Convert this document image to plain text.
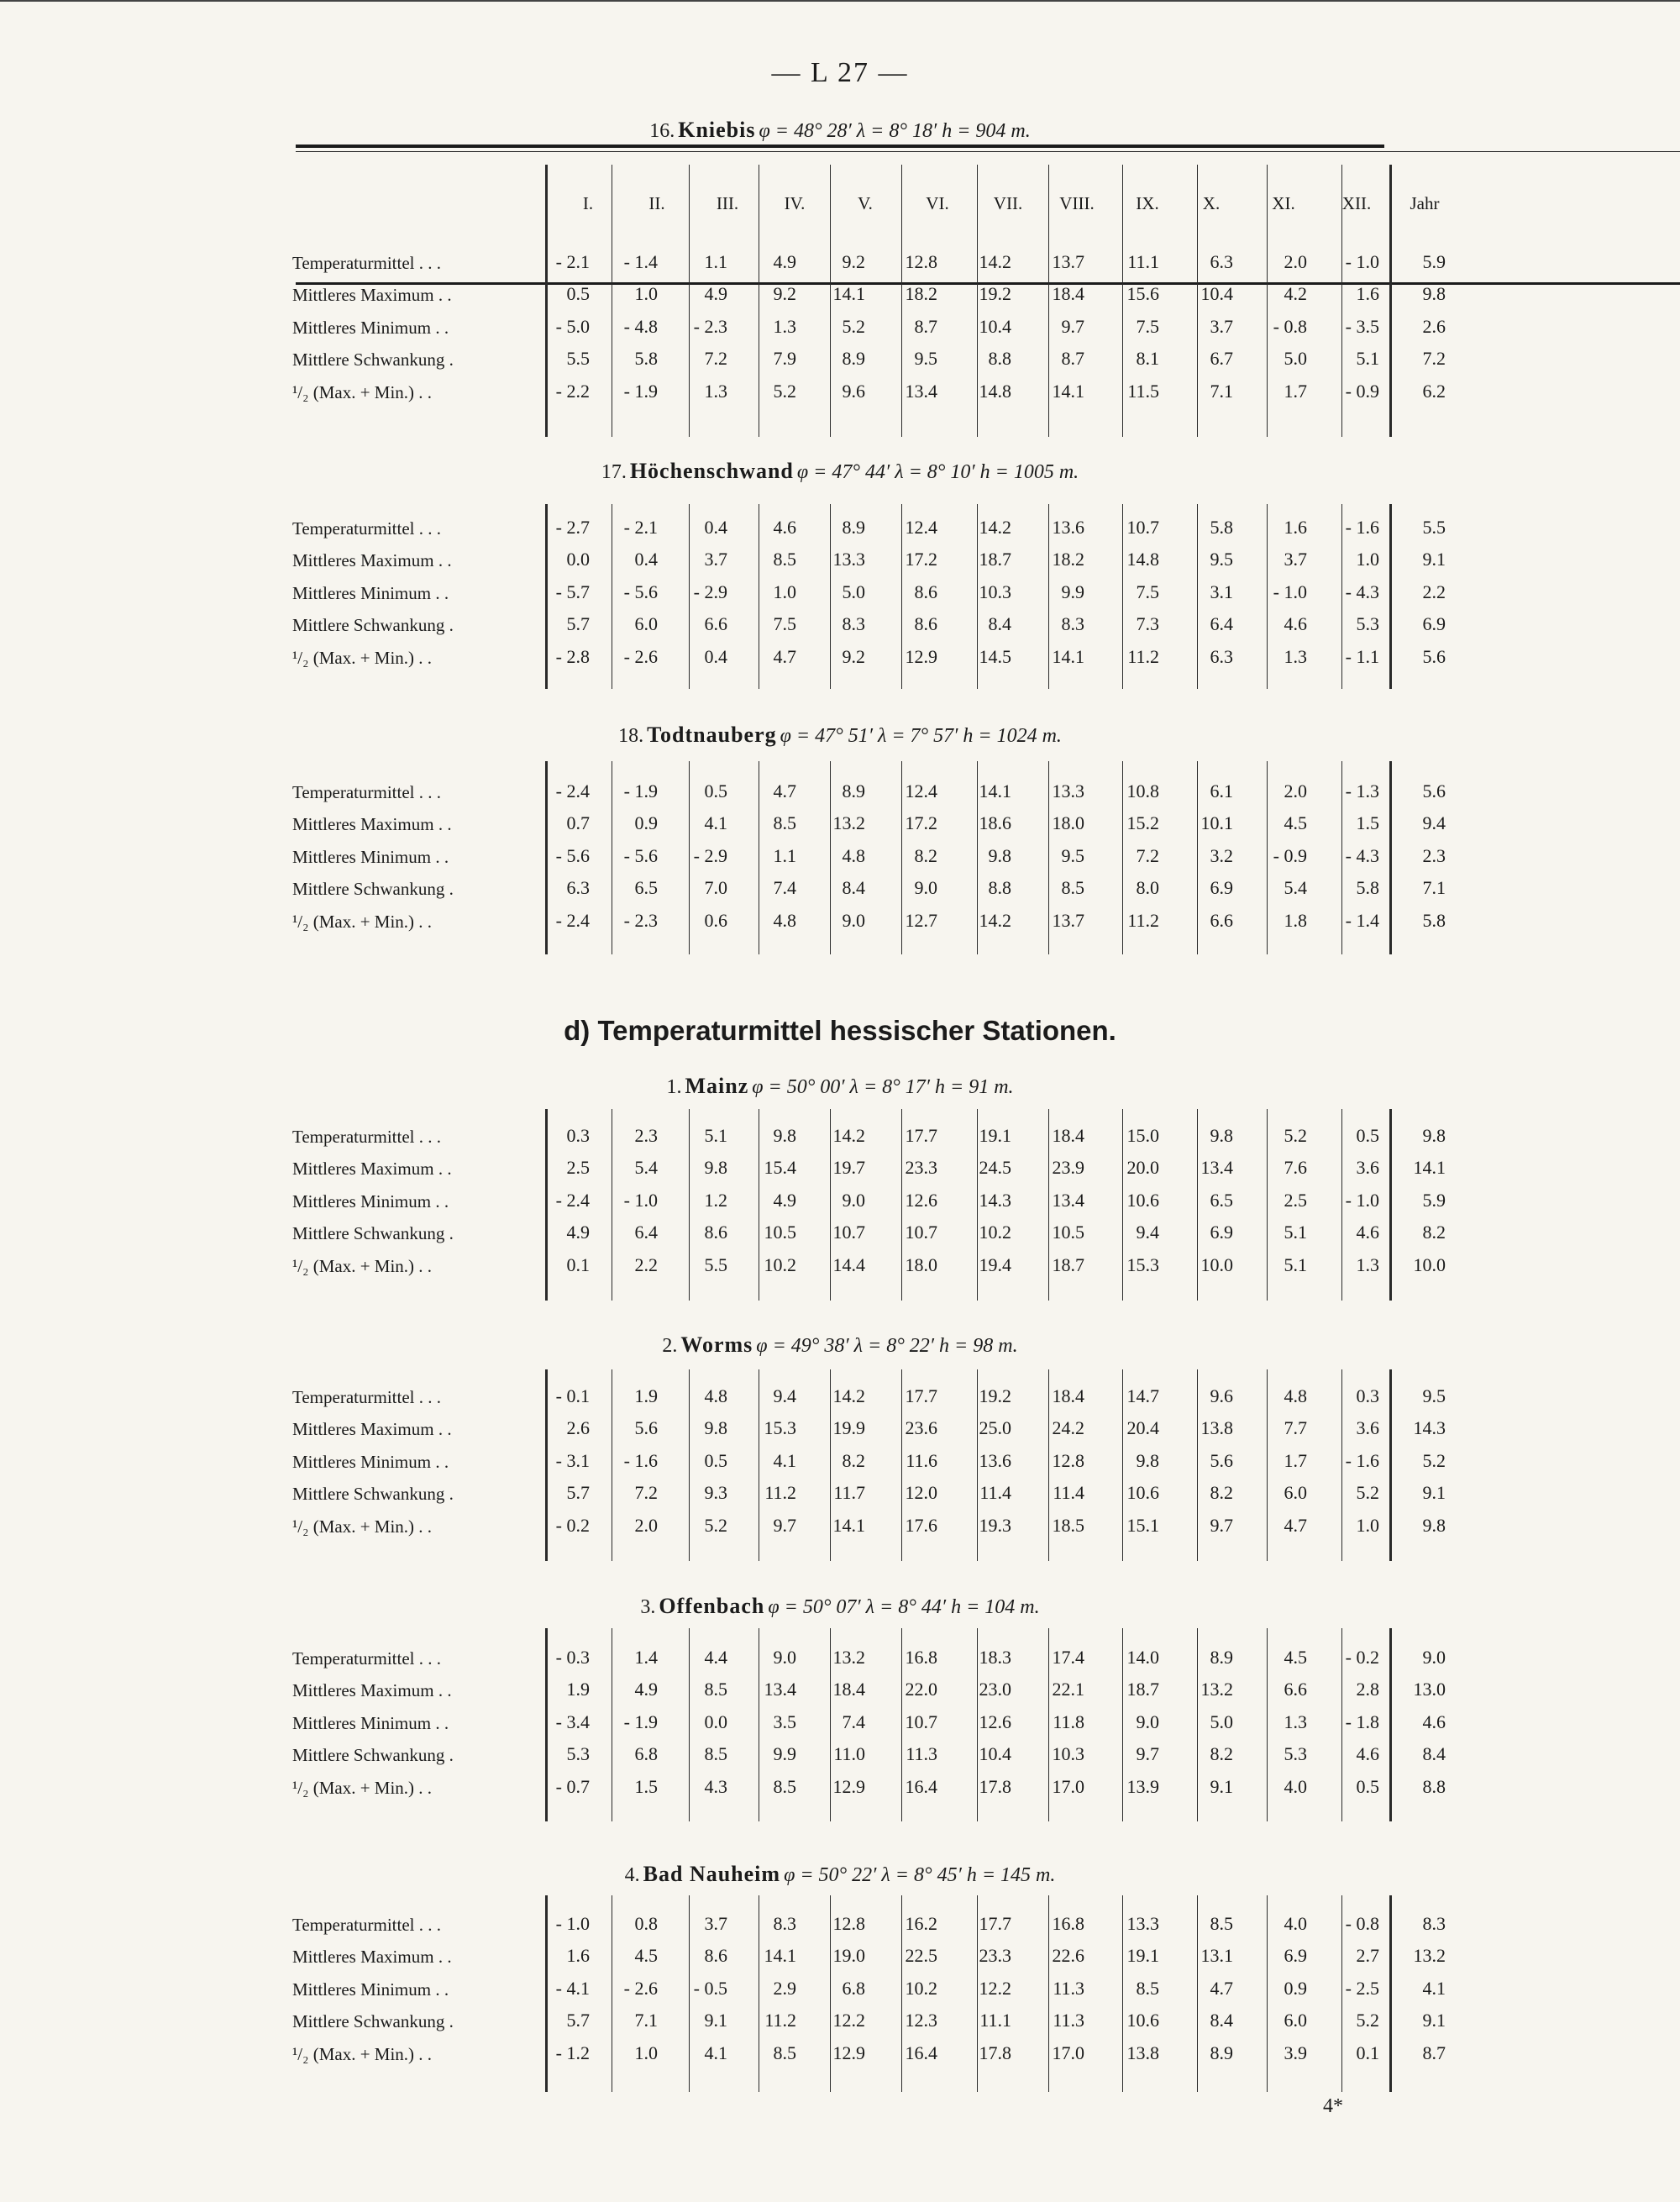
— L 27 —
d) Temperaturmittel hessischer Stationen.
4*
I.	II.	III.	IV.	V.	VI.	VII.	VIII.	IX.	X.	XI.	XII.	Jahr
16. Kniebis φ = 48° 28′ λ = 8° 18′ h = 904 m.
Temperaturmittel . . .	- 2.1	- 1.4	1.1	4.9	9.2	12.8	14.2	13.7	11.1	6.3	2.0	- 1.0	5.9
Mittleres Maximum . .	0.5	1.0	4.9	9.2	14.1	18.2	19.2	18.4	15.6	10.4	4.2	1.6	9.8
Mittleres Minimum . .	- 5.0	- 4.8	- 2.3	1.3	5.2	8.7	10.4	9.7	7.5	3.7	- 0.8	- 3.5	2.6
Mittlere Schwankung .	5.5	5.8	7.2	7.9	8.9	9.5	8.8	8.7	8.1	6.7	5.0	5.1	7.2
¹/₂ (Max. + Min.) . .	- 2.2	- 1.9	1.3	5.2	9.6	13.4	14.8	14.1	11.5	7.1	1.7	- 0.9	6.2
17. Höchenschwand φ = 47° 44′ λ = 8° 10′ h = 1005 m.
Temperaturmittel . . .	- 2.7	- 2.1	0.4	4.6	8.9	12.4	14.2	13.6	10.7	5.8	1.6	- 1.6	5.5
Mittleres Maximum . .	0.0	0.4	3.7	8.5	13.3	17.2	18.7	18.2	14.8	9.5	3.7	1.0	9.1
Mittleres Minimum . .	- 5.7	- 5.6	- 2.9	1.0	5.0	8.6	10.3	9.9	7.5	3.1	- 1.0	- 4.3	2.2
Mittlere Schwankung .	5.7	6.0	6.6	7.5	8.3	8.6	8.4	8.3	7.3	6.4	4.6	5.3	6.9
¹/₂ (Max. + Min.) . .	- 2.8	- 2.6	0.4	4.7	9.2	12.9	14.5	14.1	11.2	6.3	1.3	- 1.1	5.6
18. Todtnauberg φ = 47° 51′ λ = 7° 57′ h = 1024 m.
Temperaturmittel . . .	- 2.4	- 1.9	0.5	4.7	8.9	12.4	14.1	13.3	10.8	6.1	2.0	- 1.3	5.6
Mittleres Maximum . .	0.7	0.9	4.1	8.5	13.2	17.2	18.6	18.0	15.2	10.1	4.5	1.5	9.4
Mittleres Minimum . .	- 5.6	- 5.6	- 2.9	1.1	4.8	8.2	9.8	9.5	7.2	3.2	- 0.9	- 4.3	2.3
Mittlere Schwankung .	6.3	6.5	7.0	7.4	8.4	9.0	8.8	8.5	8.0	6.9	5.4	5.8	7.1
¹/₂ (Max. + Min.) . .	- 2.4	- 2.3	0.6	4.8	9.0	12.7	14.2	13.7	11.2	6.6	1.8	- 1.4	5.8
1. Mainz φ = 50° 00′ λ = 8° 17′ h = 91 m.
Temperaturmittel . . .	0.3	2.3	5.1	9.8	14.2	17.7	19.1	18.4	15.0	9.8	5.2	0.5	9.8
Mittleres Maximum . .	2.5	5.4	9.8	15.4	19.7	23.3	24.5	23.9	20.0	13.4	7.6	3.6	14.1
Mittleres Minimum . .	- 2.4	- 1.0	1.2	4.9	9.0	12.6	14.3	13.4	10.6	6.5	2.5	- 1.0	5.9
Mittlere Schwankung .	4.9	6.4	8.6	10.5	10.7	10.7	10.2	10.5	9.4	6.9	5.1	4.6	8.2
¹/₂ (Max. + Min.) . .	0.1	2.2	5.5	10.2	14.4	18.0	19.4	18.7	15.3	10.0	5.1	1.3	10.0
2. Worms φ = 49° 38′ λ = 8° 22′ h = 98 m.
Temperaturmittel . . .	- 0.1	1.9	4.8	9.4	14.2	17.7	19.2	18.4	14.7	9.6	4.8	0.3	9.5
Mittleres Maximum . .	2.6	5.6	9.8	15.3	19.9	23.6	25.0	24.2	20.4	13.8	7.7	3.6	14.3
Mittleres Minimum . .	- 3.1	- 1.6	0.5	4.1	8.2	11.6	13.6	12.8	9.8	5.6	1.7	- 1.6	5.2
Mittlere Schwankung .	5.7	7.2	9.3	11.2	11.7	12.0	11.4	11.4	10.6	8.2	6.0	5.2	9.1
¹/₂ (Max. + Min.) . .	- 0.2	2.0	5.2	9.7	14.1	17.6	19.3	18.5	15.1	9.7	4.7	1.0	9.8
3. Offenbach φ = 50° 07′ λ = 8° 44′ h = 104 m.
Temperaturmittel . . .	- 0.3	1.4	4.4	9.0	13.2	16.8	18.3	17.4	14.0	8.9	4.5	- 0.2	9.0
Mittleres Maximum . .	1.9	4.9	8.5	13.4	18.4	22.0	23.0	22.1	18.7	13.2	6.6	2.8	13.0
Mittleres Minimum . .	- 3.4	- 1.9	0.0	3.5	7.4	10.7	12.6	11.8	9.0	5.0	1.3	- 1.8	4.6
Mittlere Schwankung .	5.3	6.8	8.5	9.9	11.0	11.3	10.4	10.3	9.7	8.2	5.3	4.6	8.4
¹/₂ (Max. + Min.) . .	- 0.7	1.5	4.3	8.5	12.9	16.4	17.8	17.0	13.9	9.1	4.0	0.5	8.8
4. Bad Nauheim φ = 50° 22′ λ = 8° 45′ h = 145 m.
Temperaturmittel . . .	- 1.0	0.8	3.7	8.3	12.8	16.2	17.7	16.8	13.3	8.5	4.0	- 0.8	8.3
Mittleres Maximum . .	1.6	4.5	8.6	14.1	19.0	22.5	23.3	22.6	19.1	13.1	6.9	2.7	13.2
Mittleres Minimum . .	- 4.1	- 2.6	- 0.5	2.9	6.8	10.2	12.2	11.3	8.5	4.7	0.9	- 2.5	4.1
Mittlere Schwankung .	5.7	7.1	9.1	11.2	12.2	12.3	11.1	11.3	10.6	8.4	6.0	5.2	9.1
¹/₂ (Max. + Min.) . .	- 1.2	1.0	4.1	8.5	12.9	16.4	17.8	17.0	13.8	8.9	3.9	0.1	8.7
